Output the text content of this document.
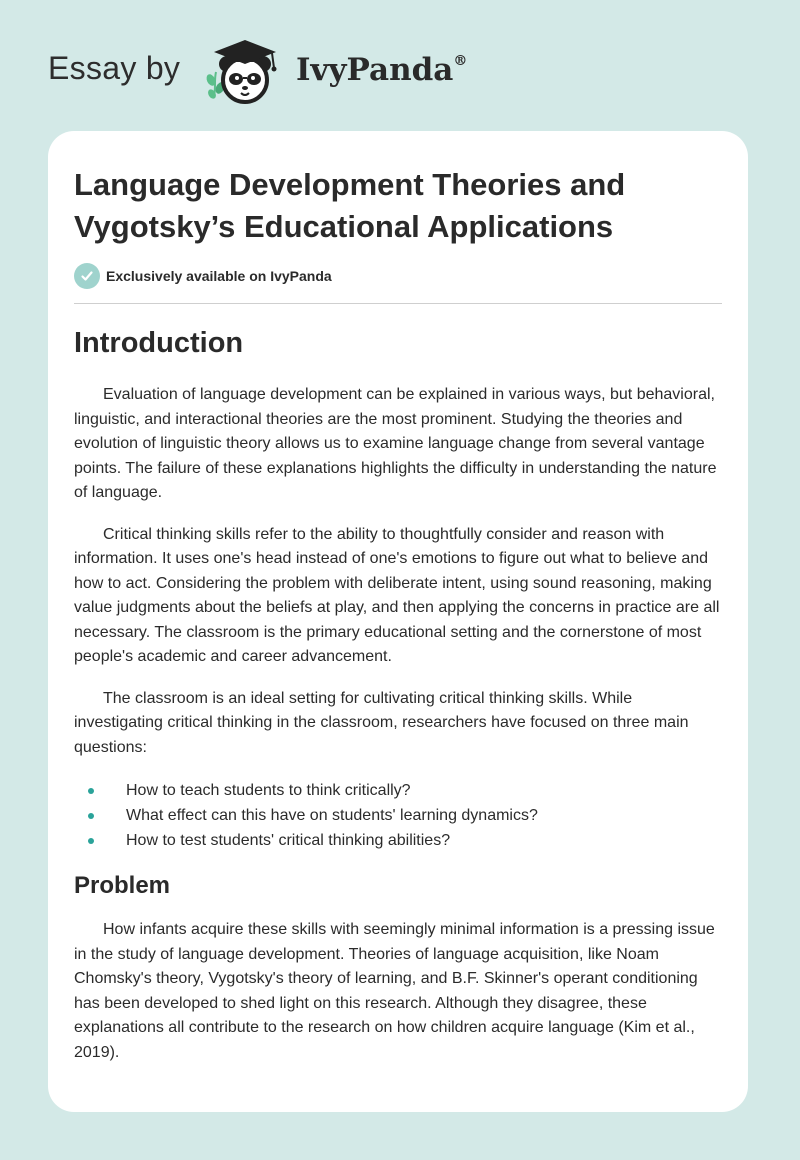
Essay by	IvyPanda®
Language Development Theories and Vygotsky’s Educational Applications
Exclusively available on IvyPanda
Introduction

Evaluation of language development can be explained in various ways, but behavioral, linguistic, and interactional theories are the most prominent. Studying the theories and evolution of linguistic theory allows us to examine language change from several vantage points. The failure of these explanations highlights the difficulty in understanding the nature of language.

Critical thinking skills refer to the ability to thoughtfully consider and reason with information. It uses one's head instead of one's emotions to figure out what to believe and how to act. Considering the problem with deliberate intent, using sound reasoning, making value judgments about the beliefs at play, and then applying the concerns in practice are all necessary. The classroom is the primary educational setting and the cornerstone of most people's academic and career advancement.

The classroom is an ideal setting for cultivating critical thinking skills. While investigating critical thinking in the classroom, researchers have focused on three main questions:

How to teach students to think critically?
What effect can this have on students' learning dynamics?
How to test students' critical thinking abilities?
Problem

How infants acquire these skills with seemingly minimal information is a pressing issue in the study of language development. Theories of language acquisition, like Noam Chomsky's theory, Vygotsky's theory of learning, and B.F. Skinner's operant conditioning has been developed to shed light on this research. Although they disagree, these explanations all contribute to the research on how children acquire language (Kim et al., 2019).
